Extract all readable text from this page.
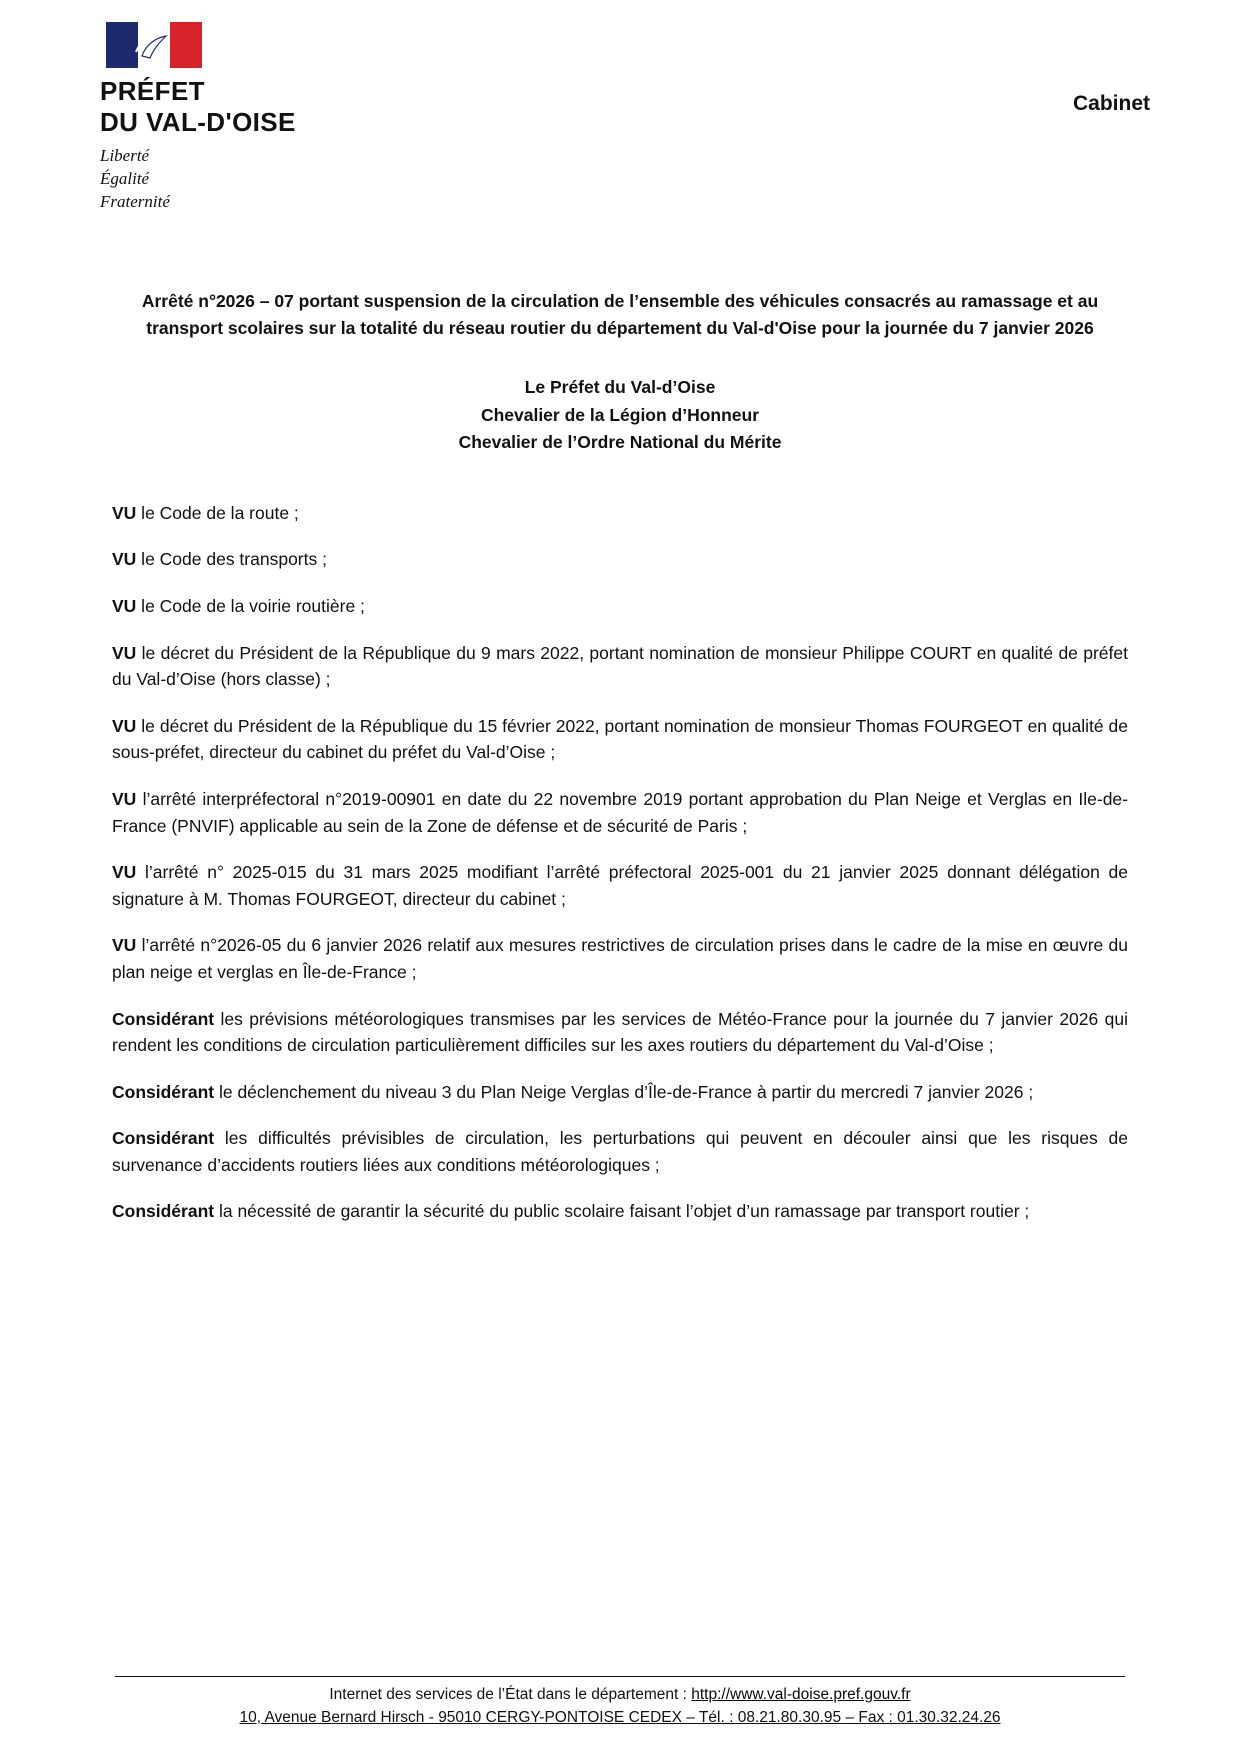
PRÉFET
DU VAL-D'OISE
Liberté
Égalité
Fraternité
Cabinet
Arrêté n°2026 – 07 portant suspension de la circulation de l’ensemble des véhicules consacrés au ramassage et au transport scolaires sur la totalité du réseau routier du département du Val-d'Oise pour la journée du 7 janvier 2026
Le Préfet du Val-d’Oise
Chevalier de la Légion d’Honneur
Chevalier de l’Ordre National du Mérite
VU le Code de la route ;
VU le Code des transports ;
VU le Code de la voirie routière ;
VU le décret du Président de la République du 9 mars 2022, portant nomination de monsieur Philippe COURT en qualité de préfet du Val-d’Oise (hors classe) ;
VU le décret du Président de la République du 15 février 2022, portant nomination de monsieur Thomas FOURGEOT en qualité de sous-préfet, directeur du cabinet du préfet du Val-d’Oise ;
VU l’arrêté interpréfectoral n°2019-00901 en date du 22 novembre 2019 portant approbation du Plan Neige et Verglas en Ile-de-France (PNVIF) applicable au sein de la Zone de défense et de sécurité de Paris ;
VU l’arrêté n° 2025-015 du 31 mars 2025 modifiant l’arrêté préfectoral 2025-001 du 21 janvier 2025 donnant délégation de signature à M. Thomas FOURGEOT, directeur du cabinet ;
VU l’arrêté n°2026-05 du 6 janvier 2026 relatif aux mesures restrictives de circulation prises dans le cadre de la mise en œuvre du plan neige et verglas en Île-de-France ;
Considérant les prévisions météorologiques transmises par les services de Météo-France pour la journée du 7 janvier 2026 qui rendent les conditions de circulation particulièrement difficiles sur les axes routiers du département du Val-d’Oise ;
Considérant le déclenchement du niveau 3 du Plan Neige Verglas d’Île-de-France à partir du mercredi 7 janvier 2026 ;
Considérant les difficultés prévisibles de circulation, les perturbations qui peuvent en découler ainsi que les risques de survenance d’accidents routiers liées aux conditions météorologiques ;
Considérant la nécessité de garantir la sécurité du public scolaire faisant l’objet d’un ramassage par transport routier ;
Internet des services de l’État dans le département : http://www.val-doise.pref.gouv.fr
10, Avenue Bernard Hirsch - 95010 CERGY-PONTOISE CEDEX – Tél. : 08.21.80.30.95 – Fax : 01.30.32.24.26
